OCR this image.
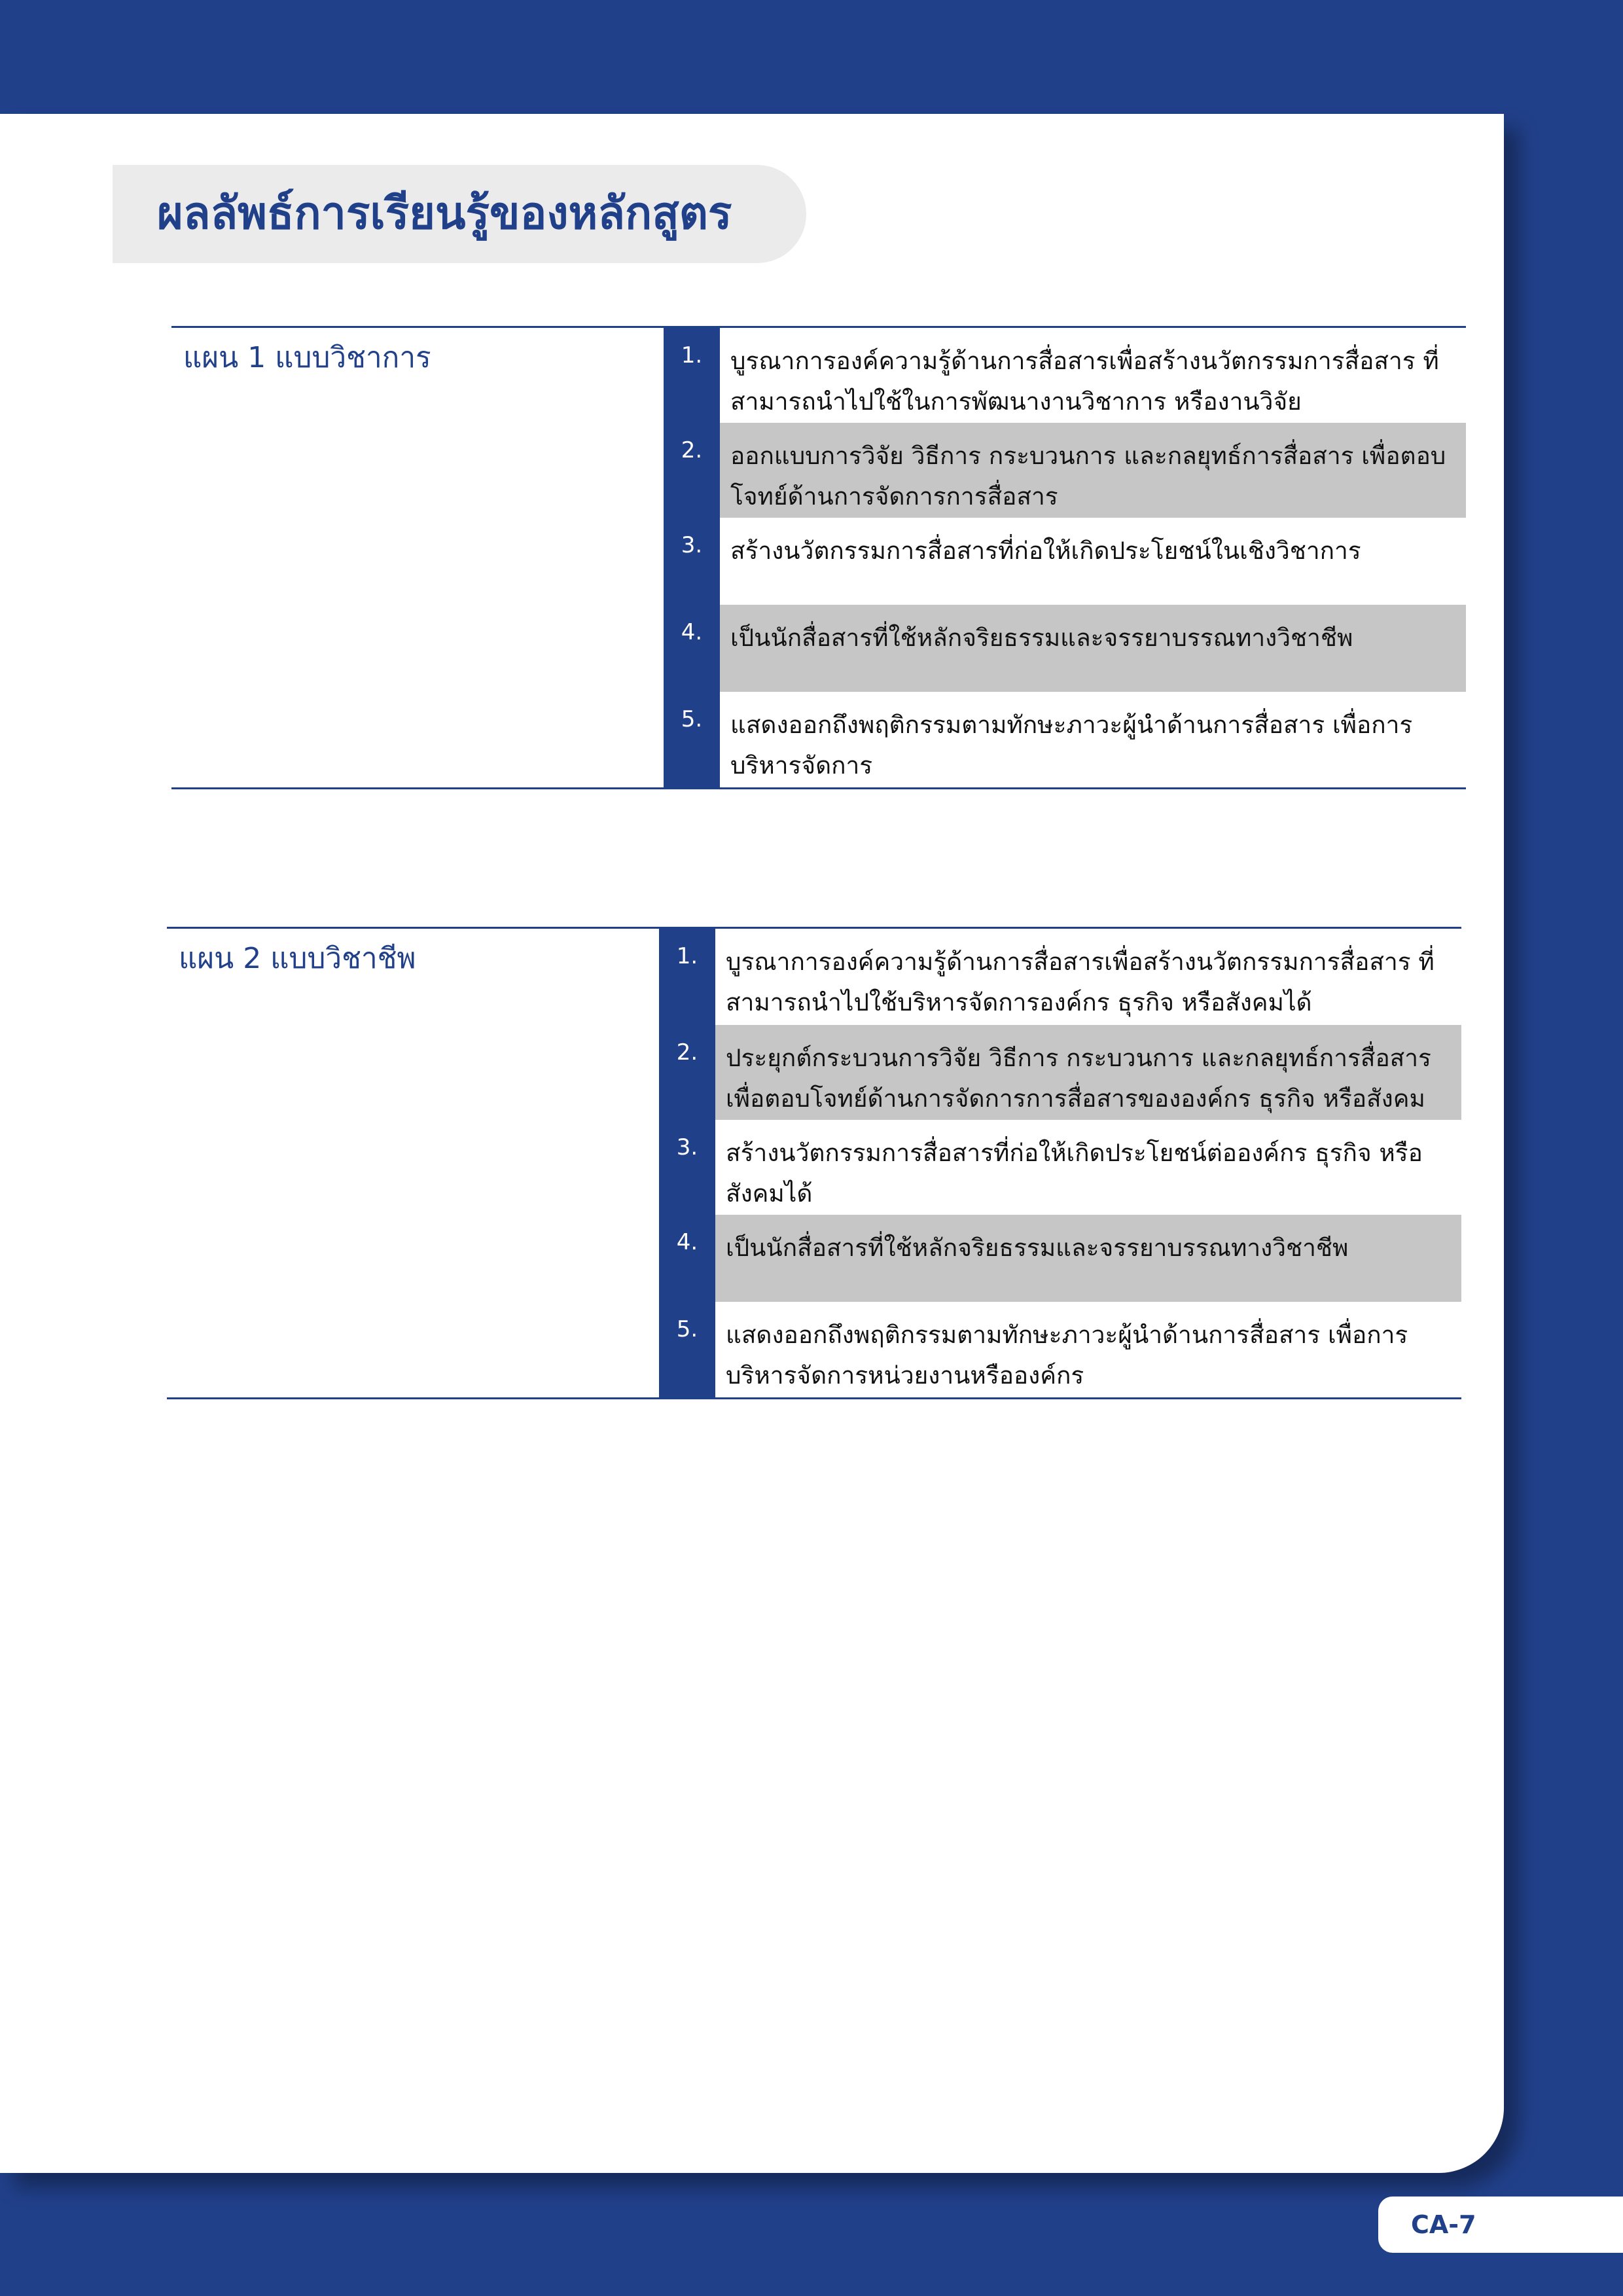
ผลลัพธ์การเรียนรู้ของหลักสูตร
แผน 1 แบบวิชาการ	1.	บูรณาการองค์ความรู้ด้านการสื่อสารเพื่อสร้างนวัตกรรมการสื่อสาร ที่สามารถนำไปใช้ในการพัฒนางานวิชาการ หรืองานวิจัย
2.	ออกแบบการวิจัย วิธีการ กระบวนการ และกลยุทธ์การสื่อสาร เพื่อตอบโจทย์ด้านการจัดการการสื่อสาร
3.	สร้างนวัตกรรมการสื่อสารที่ก่อให้เกิดประโยชน์ในเชิงวิชาการ
4.	เป็นนักสื่อสารที่ใช้หลักจริยธรรมและจรรยาบรรณทางวิชาชีพ
5.	แสดงออกถึงพฤติกรรมตามทักษะภาวะผู้นำด้านการสื่อสาร เพื่อการบริหารจัดการ
แผน 2 แบบวิชาชีพ	1.	บูรณาการองค์ความรู้ด้านการสื่อสารเพื่อสร้างนวัตกรรมการสื่อสาร ที่สามารถนำไปใช้บริหารจัดการองค์กร ธุรกิจ หรือสังคมได้
2.	ประยุกต์กระบวนการวิจัย วิธีการ กระบวนการ และกลยุทธ์การสื่อสาร เพื่อตอบโจทย์ด้านการจัดการการสื่อสารขององค์กร ธุรกิจ หรือสังคม
3.	สร้างนวัตกรรมการสื่อสารที่ก่อให้เกิดประโยชน์ต่อองค์กร ธุรกิจ หรือ สังคมได้
4.	เป็นนักสื่อสารที่ใช้หลักจริยธรรมและจรรยาบรรณทางวิชาชีพ
5.	แสดงออกถึงพฤติกรรมตามทักษะภาวะผู้นำด้านการสื่อสาร เพื่อการ บริหารจัดการหน่วยงานหรือองค์กร
CA-7
